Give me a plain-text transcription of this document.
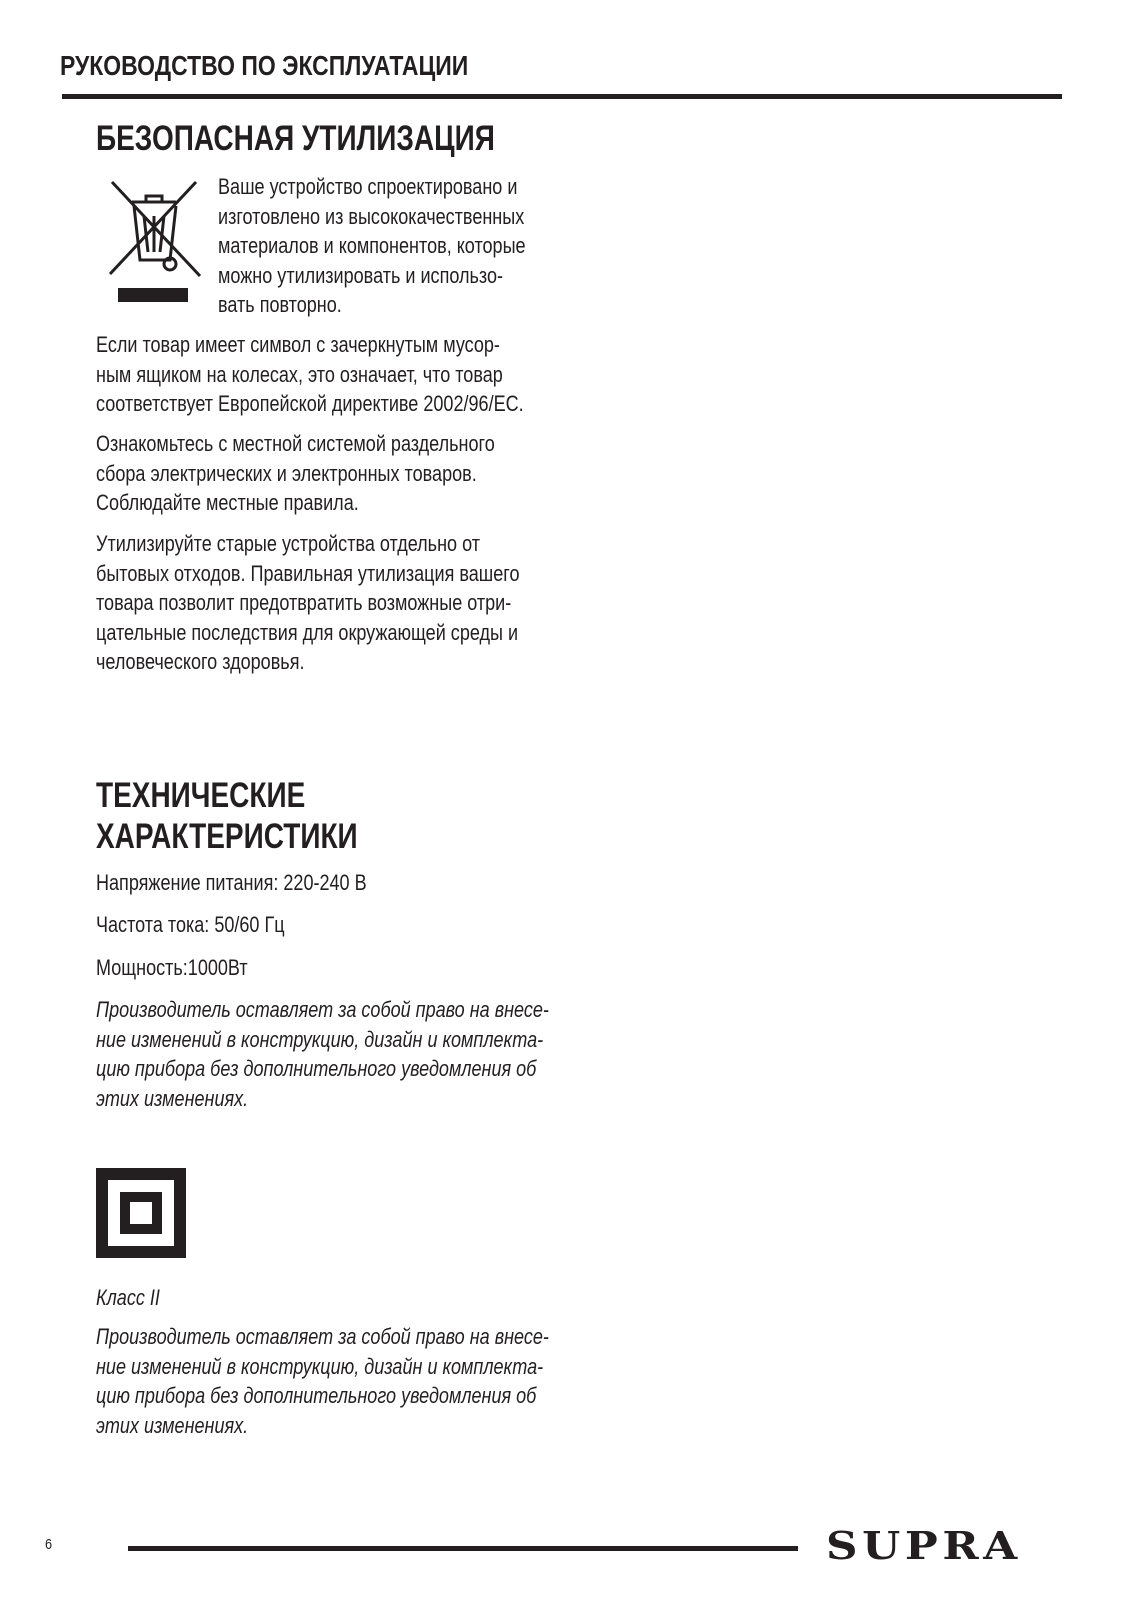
РУКОВОДСТВО ПО ЭКСПЛУАТАЦИИ
БЕЗОПАСНАЯ УТИЛИЗАЦИЯ
Ваше устройство спроектировано и
изготовлено из высококачественных
материалов и компонентов, которые
можно утилизировать и использо-
вать повторно.
Если товар имеет символ с зачеркнутым мусор-
ным ящиком на колесах, это означает, что товар
соответствует Европейской директиве 2002/96/EC.
Ознакомьтесь с местной системой раздельного
сбора электрических и электронных товаров.
Соблюдайте местные правила.
Утилизируйте старые устройства отдельно от
бытовых отходов. Правильная утилизация вашего
товара позволит предотвратить возможные отри-
цательные последствия для окружающей среды и
человеческого здоровья.
ТЕХНИЧЕСКИЕ
ХАРАКТЕРИСТИКИ
Напряжение питания: 220-240 В
Частота тока: 50/60 Гц
Мощность:1000Вт
Производитель оставляет за собой право на внесе-
ние изменений в конструкцию, дизайн и комплекта-
цию прибора без дополнительного уведомления об
этих изменениях.
Класс II
Производитель оставляет за собой право на внесе-
ние изменений в конструкцию, дизайн и комплекта-
цию прибора без дополнительного уведомления об
этих изменениях.
6	SUPRA
